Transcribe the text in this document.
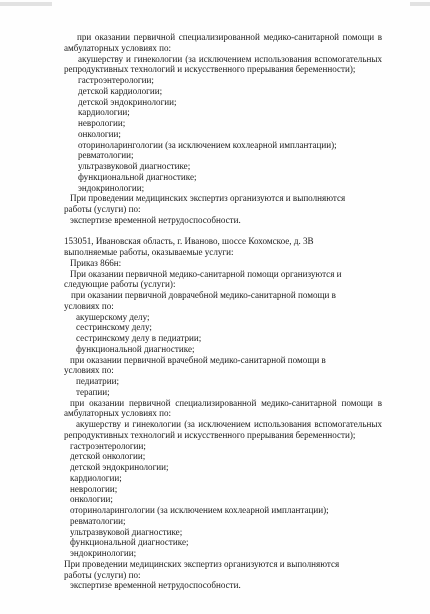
при оказании первичной специализированной медико-санитарной помощи в
амбулаторных условиях по:
акушерству и гинекологии (за исключением использования вспомогательных
репродуктивных технологий и искусственного прерывания беременности);
гастроэнтерологии;
детской кардиологии;
детской эндокринологии;
кардиологии;
неврологии;
онкологии;
оториноларингологии (за исключением кохлеарной имплантации);
ревматологии;
ультразвуковой диагностике;
функциональной диагностике;
эндокринологии;
При проведении медицинских экспертиз организуются и выполняются
работы (услуги) по:
экспертизе временной нетрудоспособности.
153051, Ивановская область, г. Иваново, шоссе Кохомское, д. 3В
выполняемые работы, оказываемые услуги:
Приказ 866н:
При оказании первичной медико-санитарной помощи организуются и
следующие работы (услуги):
при оказании первичной доврачебной медико-санитарной помощи в
условиях по:
акушерскому делу;
сестринскому делу;
сестринскому делу в педиатрии;
функциональной диагностике;
при оказании первичной врачебной медико-санитарной помощи в
условиях по:
педиатрии;
терапии;
при оказании первичной специализированной медико-санитарной помощи в
амбулаторных условиях по:
акушерству и гинекологии (за исключением использования вспомогательных
репродуктивных технологий и искусственного прерывания беременности);
гастроэнтерологии;
детской онкологии;
детской эндокринологии;
кардиологии;
неврологии;
онкологии;
оториноларингологии (за исключением кохлеарной имплантации);
ревматологии;
ультразвуковой диагностике;
функциональной диагностике;
эндокринологии;
При проведении медицинских экспертиз организуются и выполняются
работы (услуги) по:
экспертизе временной нетрудоспособности.
